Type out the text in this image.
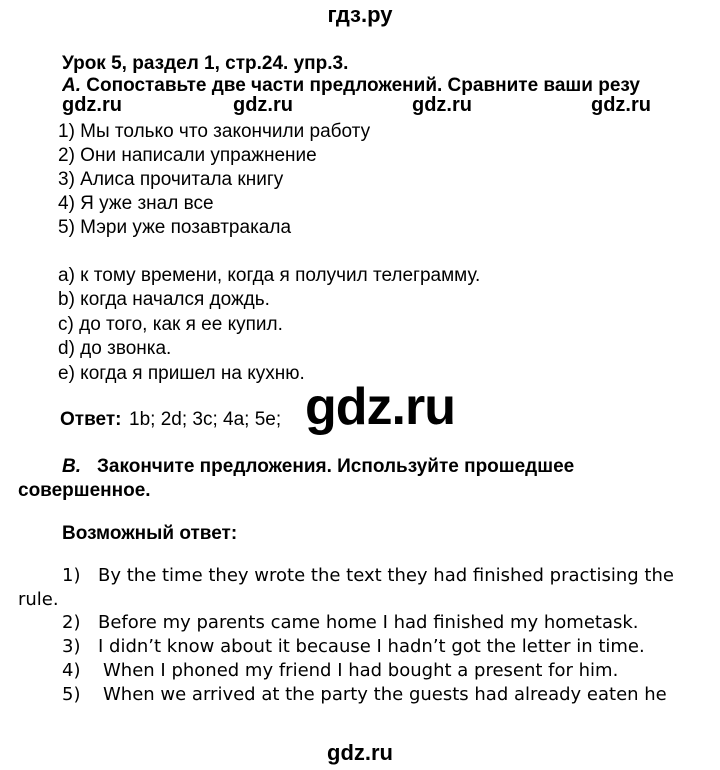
гдз.ру
Урок 5, раздел 1, стр.24. упр.3.
A. Сопоставьте две части предложений. Сравните ваши резу
gdz.ru	gdz.ru	gdz.ru	gdz.ru
1) Мы только что закончили работу
2) Они написали упражнение
3) Алиса прочитала книгу
4) Я уже знал все
5) Мэри уже позавтракала
a) к тому времени, когда я получил телеграмму.
b) когда начался дождь.
c) до того, как я ее купил.
d) до звонка.
e) когда я пришел на кухню.
Ответ: 1b; 2d; 3c; 4a; 5e; gdz.ru
B. Закончите предложения. Используйте прошедшее
совершенное.
Возможный ответ:
1) By the time they wrote the text they had finished practising the
rule.
2) Before my parents came home I had finished my hometask.
3) I didn’t know about it because I hadn’t got the letter in time.
4) When I phoned my friend I had bought a present for him.
5) When we arrived at the party the guests had already eaten he
gdz.ru
